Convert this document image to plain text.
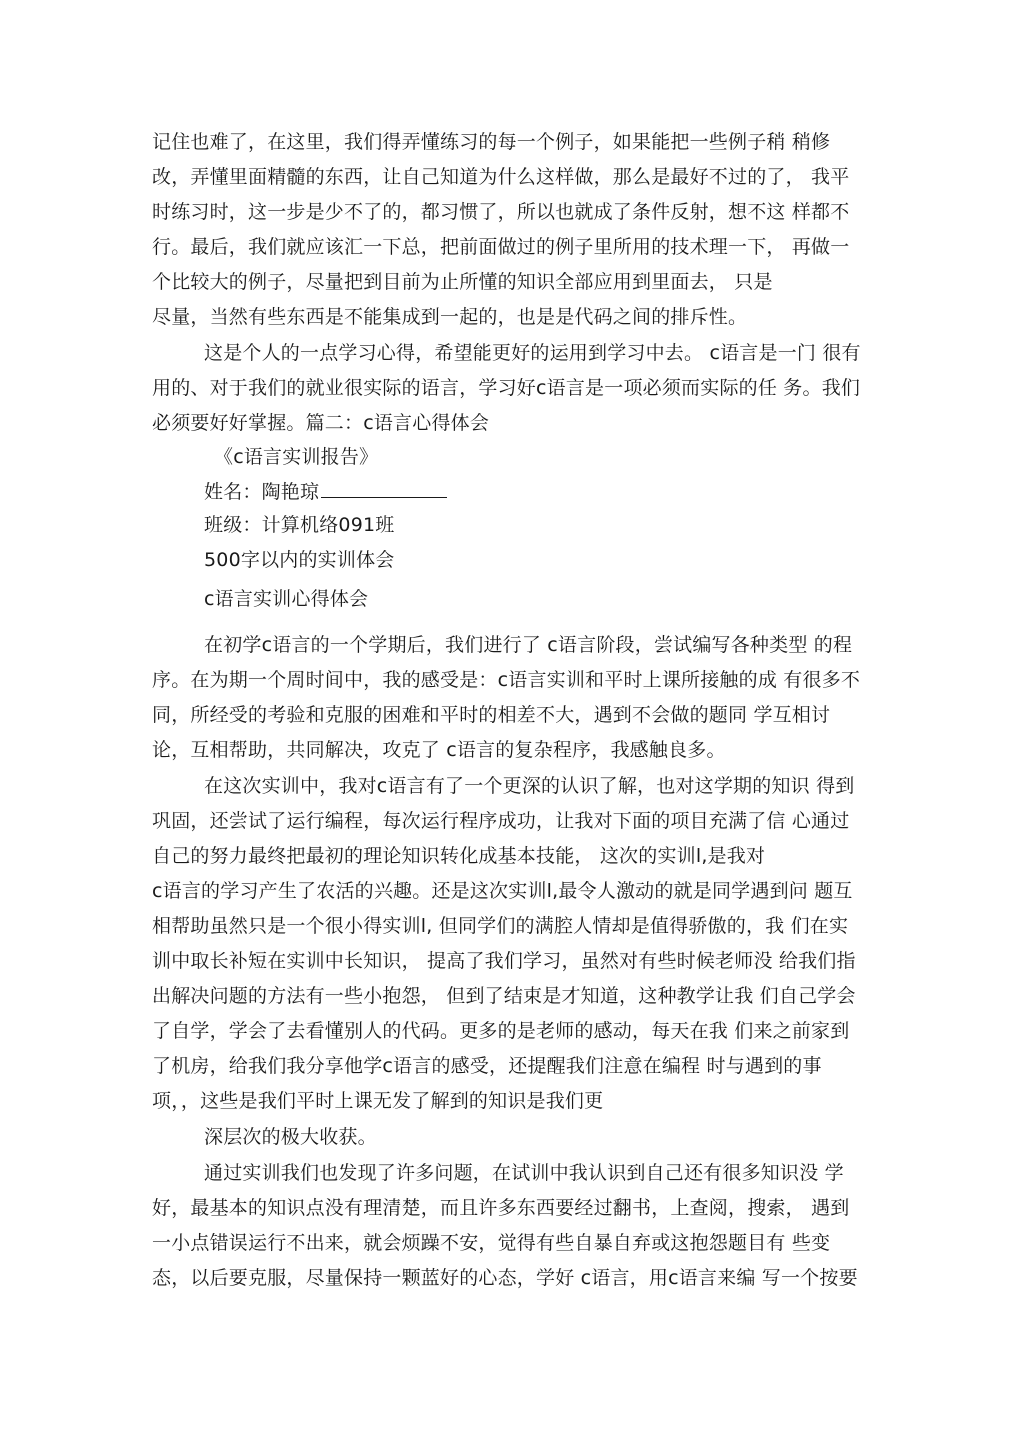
记住也难了，在这里，我们得弄懂练习的每一个例子，如果能把一些例子稍 稍修
改，弄懂里面精髓的东西，让自己知道为什么这样做，那么是最好不过的了， 我平
时练习时，这一步是少不了的，都习惯了，所以也就成了条件反射，想不这 样都不
行。最后，我们就应该汇一下总，把前面做过的例子里所用的技术理一下， 再做一
个比较大的例子，尽量把到目前为止所懂的知识全部应用到里面去， 只是
尽量，当然有些东西是不能集成到一起的，也是是代码之间的排斥性。
这是个人的一点学习心得，希望能更好的运用到学习中去。 c语言是一门 很有
用的、对于我们的就业很实际的语言，学习好c语言是一项必须而实际的任 务。我们
必须要好好掌握。篇二：c语言心得体会
《c语言实训报告》
姓名：陶艳琼
班级：计算机络091班
500字以内的实训体会
c语言实训心得体会
在初学c语言的一个学期后，我们进行了 c语言阶段，尝试编写各种类型 的程
序。在为期一个周时间中，我的感受是：c语言实训和平时上课所接触的成 有很多不
同，所经受的考验和克服的困难和平时的相差不大，遇到不会做的题同 学互相讨
论，互相帮助，共同解决，攻克了 c语言的复杂程序，我感触良多。
在这次实训中，我对c语言有了一个更深的认识了解，也对这学期的知识 得到
巩固，还尝试了运行编程，每次运行程序成功，让我对下面的项目充满了信 心通过
自己的努力最终把最初的理论知识转化成基本技能， 这次的实训l,是我对
c语言的学习产生了农活的兴趣。还是这次实训l,最令人激动的就是同学遇到问 题互
相帮助虽然只是一个很小得实训l, 但同学们的满腔人情却是值得骄傲的，我 们在实
训中取长补短在实训中长知识， 提高了我们学习，虽然对有些时候老师没 给我们指
出解决问题的方法有一些小抱怨， 但到了结束是才知道，这种教学让我 们自己学会
了自学，学会了去看懂别人的代码。更多的是老师的感动，每天在我 们来之前家到
了机房，给我们我分享他学c语言的感受，还提醒我们注意在编程 时与遇到的事
项，，这些是我们平时上课无发了解到的知识是我们更
深层次的极大收获。
通过实训我们也发现了许多问题，在试训中我认识到自己还有很多知识没 学
好，最基本的知识点没有理清楚，而且许多东西要经过翻书，上查阅，搜索， 遇到
一小点错误运行不出来，就会烦躁不安，觉得有些自暴自弃或这抱怨题目有 些变
态，以后要克服，尽量保持一颗蓝好的心态，学好 c语言，用c语言来编 写一个按要
